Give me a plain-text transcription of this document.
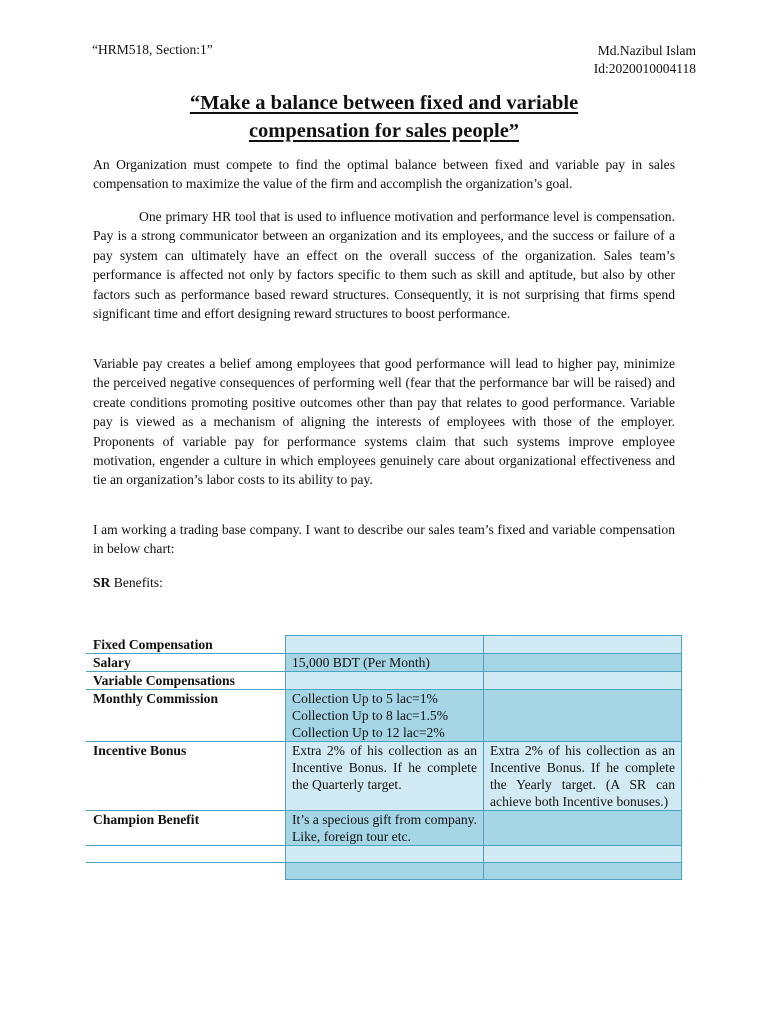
“HRM518, Section:1”	Md.Nazibul Islam
Id:2020010004118
“Make a balance between fixed and variable
compensation for sales people”

An Organization must compete to find the optimal balance between fixed and variable pay in sales compensation to maximize the value of the firm and accomplish the organization’s goal.

One primary HR tool that is used to influence motivation and performance level is compensation. Pay is a strong communicator between an organization and its employees, and the success or failure of a pay system can ultimately have an effect on the overall success of the organization. Sales team’s performance is affected not only by factors specific to them such as skill and aptitude, but also by other factors such as performance based reward structures. Consequently, it is not surprising that firms spend significant time and effort designing reward structures to boost performance.

Variable pay creates a belief among employees that good performance will lead to higher pay, minimize the perceived negative consequences of performing well (fear that the performance bar will be raised) and create conditions promoting positive outcomes other than pay that relates to good performance. Variable pay is viewed as a mechanism of aligning the interests of employees with those of the employer. Proponents of variable pay for performance systems claim that such systems improve employee motivation, engender a culture in which employees genuinely care about organizational effectiveness and tie an organization’s labor costs to its ability to pay.

I am working a trading base company. I want to describe our sales team’s fixed and variable compensation in below chart:

SR Benefits:
Fixed Compensation		
Salary	15,000 BDT (Per Month)	
Variable Compensations		
Monthly Commission	Collection Up to 5 lac=1%
Collection Up to 8 lac=1.5%
Collection Up to 12 lac=2%	

Incentive Bonus	Extra 2% of his collection as an Incentive Bonus. If he complete the Quarterly target.	Extra 2% of his collection as an Incentive Bonus. If he complete the Yearly target. (A SR can achieve both Incentive bonuses.)
Champion Benefit	It’s a specious gift from company. Like, foreign tour etc.	
